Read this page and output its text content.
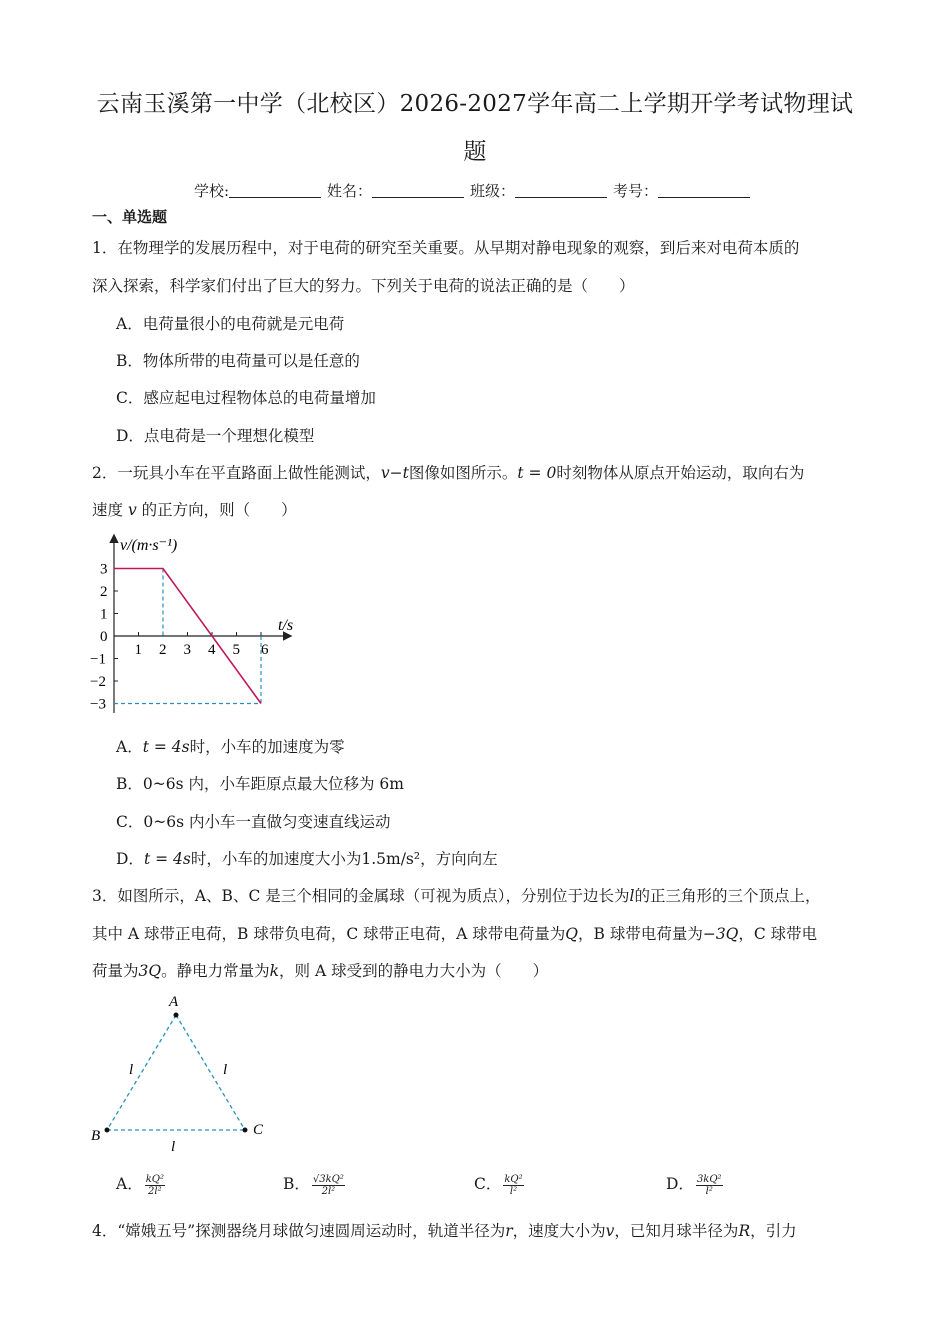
云南玉溪第一中学（北校区）2026-2027学年高二上学期开学考试物理试
题
学校:	姓名：	班级：	考号：
一、单选题
1．在物理学的发展历程中，对于电荷的研究至关重要。从早期对静电现象的观察，到后来对电荷本质的
深入探索，科学家们付出了巨大的努力。下列关于电荷的说法正确的是（　　）
A．电荷量很小的电荷就是元电荷
B．物体所带的电荷量可以是任意的
C．感应起电过程物体总的电荷量增加
D．点电荷是一个理想化模型
2．一玩具小车在平直路面上做性能测试，v−t图像如图所示。t = 0时刻物体从原点开始运动，取向右为
速度 v 的正方向，则（　　）
v/(m·s⁻¹)
t/s
1 2 3 4 5 6
3
2
1
0
−1
−2
−3
A．t = 4s时，小车的加速度为零
B．0~6s 内，小车距原点最大位移为 6m
C．0~6s 内小车一直做匀变速直线运动
D．t = 4s时，小车的加速度大小为1.5m/s²，方向向左
3．如图所示，A、B、C 是三个相同的金属球（可视为质点），分别位于边长为l的正三角形的三个顶点上，
其中 A 球带正电荷，B 球带负电荷，C 球带正电荷，A 球带电荷量为Q，B 球带电荷量为−3Q，C 球带电
荷量为3Q。静电力常量为k，则 A 球受到的静电力大小为（　　）
A
B	C
l	l
l
A． $\frac{\text{kQ²}}{\text{2l²}}$	B． $\frac{\text{√3kQ²}}{\text{2l²}}$	C． $\frac{\text{kQ²}}{\text{l²}}$	D． $\frac{\text{3kQ²}}{\text{l²}}$
4．“嫦娥五号”探测器绕月球做匀速圆周运动时，轨道半径为r，速度大小为v，已知月球半径为R，引力
